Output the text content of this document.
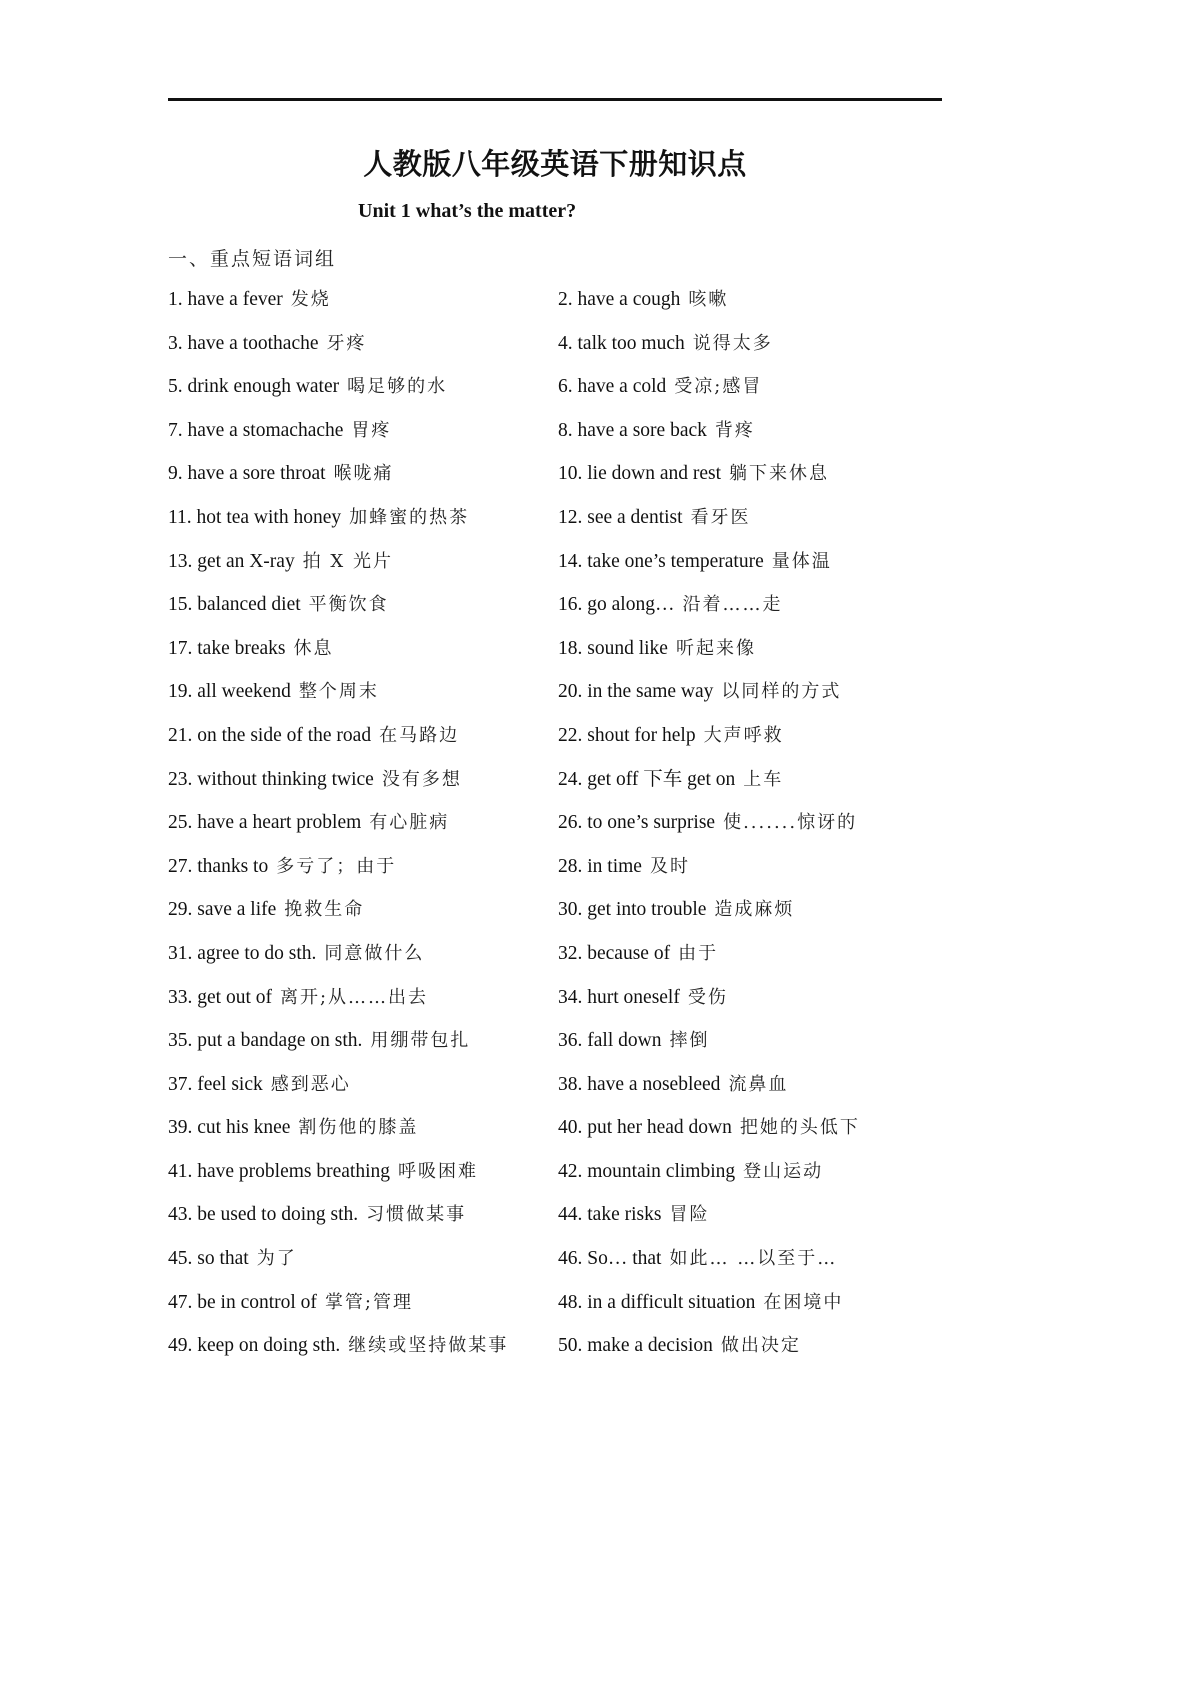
人教版八年级英语下册知识点
Unit 1 what’s the matter?
一、重点短语词组
1. have a fever 发烧	2. have a cough 咳嗽
3. have a toothache 牙疼	4. talk too much 说得太多
5. drink enough water 喝足够的水	6. have a cold 受凉;感冒
7. have a stomachache 胃疼	8. have a sore back 背疼
9. have a sore throat 喉咙痛	10. lie down and rest 躺下来休息
11. hot tea with honey 加蜂蜜的热茶	12. see a dentist 看牙医
13. get an X-ray 拍 X 光片	14. take one’s temperature 量体温
15. balanced diet 平衡饮食	16. go along… 沿着……走
17. take breaks 休息	18. sound like 听起来像
19. all weekend 整个周末	20. in the same way 以同样的方式
21. on the side of the road 在马路边	22. shout for help 大声呼救
23. without thinking twice 没有多想	24. get off 下车 get on 上车
25. have a heart problem 有心脏病	26. to one’s surprise 使.......惊讶的
27. thanks to 多亏了；由于	28. in time 及时
29. save a life 挽救生命	30. get into trouble 造成麻烦
31. agree to do sth. 同意做什么	32. because of 由于
33. get out of 离开;从……出去	34. hurt oneself 受伤
35. put a bandage on sth. 用绷带包扎	36. fall down 摔倒
37. feel sick 感到恶心	38. have a nosebleed 流鼻血
39. cut his knee 割伤他的膝盖	40. put her head down 把她的头低下
41. have problems breathing 呼吸困难	42. mountain climbing 登山运动
43. be used to doing sth. 习惯做某事	44. take risks 冒险
45. so that 为了	46. So… that 如此… …以至于…
47. be in control of 掌管;管理	48. in a difficult situation 在困境中
49. keep on doing sth. 继续或坚持做某事	50. make a decision 做出决定
